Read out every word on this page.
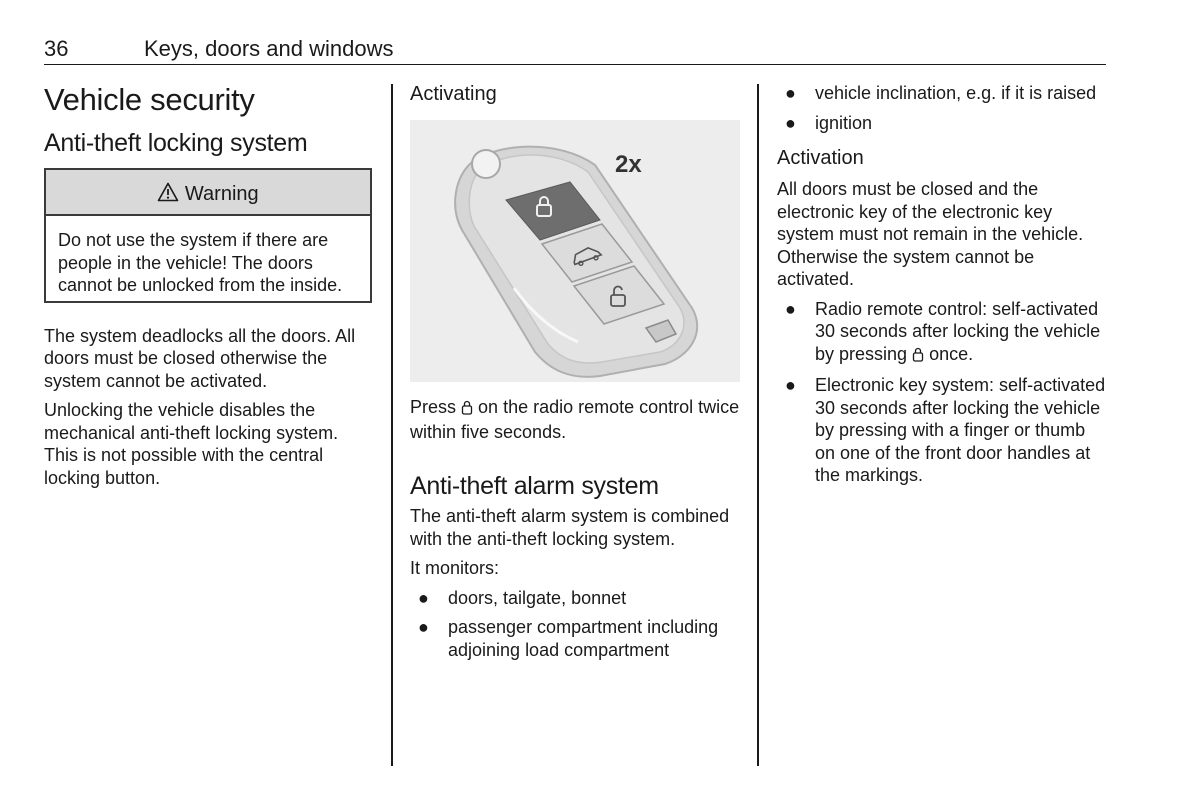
36	Keys, doors and windows
Vehicle security
Anti-theft locking system
Warning

Do not use the system if there are people in the vehicle! The doors cannot be unlocked from the inside.

The system deadlocks all the doors. All doors must be closed otherwise the system cannot be activated.

Unlocking the vehicle disables the mechanical anti-theft locking system. This is not possible with the central locking button.

Activating
2x

Press on the radio remote control twice within five seconds.

Anti-theft alarm system

The anti-theft alarm system is combined with the anti-theft locking system.

It monitors:

● doors, tailgate, bonnet
● passenger compartment including adjoining load compartment
● vehicle inclination, e.g. if it is raised
● ignition
Activation

All doors must be closed and the electronic key of the electronic key system must not remain in the vehicle. Otherwise the system cannot be activated.

● Radio remote control: self-activated 30 seconds after locking the vehicle by pressing once.
● Electronic key system: self-activated 30 seconds after locking the vehicle by pressing with a finger or thumb on one of the front door handles at the markings.
